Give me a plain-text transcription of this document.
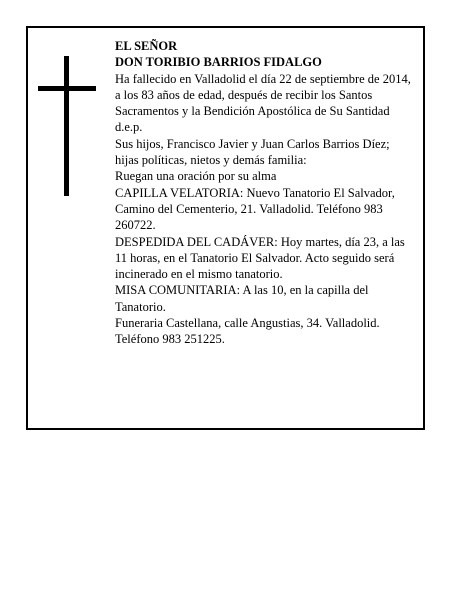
EL SEÑOR
DON TORIBIO BARRIOS FIDALGO
Ha fallecido en Valladolid el día 22 de septiembre de 2014, a los 83 años de edad, después de recibir los Santos Sacramentos y la Bendición Apostólica de Su Santidad
d.e.p.
Sus hijos, Francisco Javier y Juan Carlos Barrios Díez; hijas políticas, nietos y demás familia:
Ruegan una oración por su alma
CAPILLA VELATORIA: Nuevo Tanatorio El Salvador, Camino del Cementerio, 21. Valladolid. Teléfono 983 260722.
DESPEDIDA DEL CADÁVER: Hoy martes, día 23, a las 11 horas, en el Tanatorio El Salvador. Acto seguido será incinerado en el mismo tanatorio.
MISA COMUNITARIA: A las 10, en la capilla del Tanatorio.
Funeraria Castellana, calle Angustias, 34. Valladolid. Teléfono 983 251225.
